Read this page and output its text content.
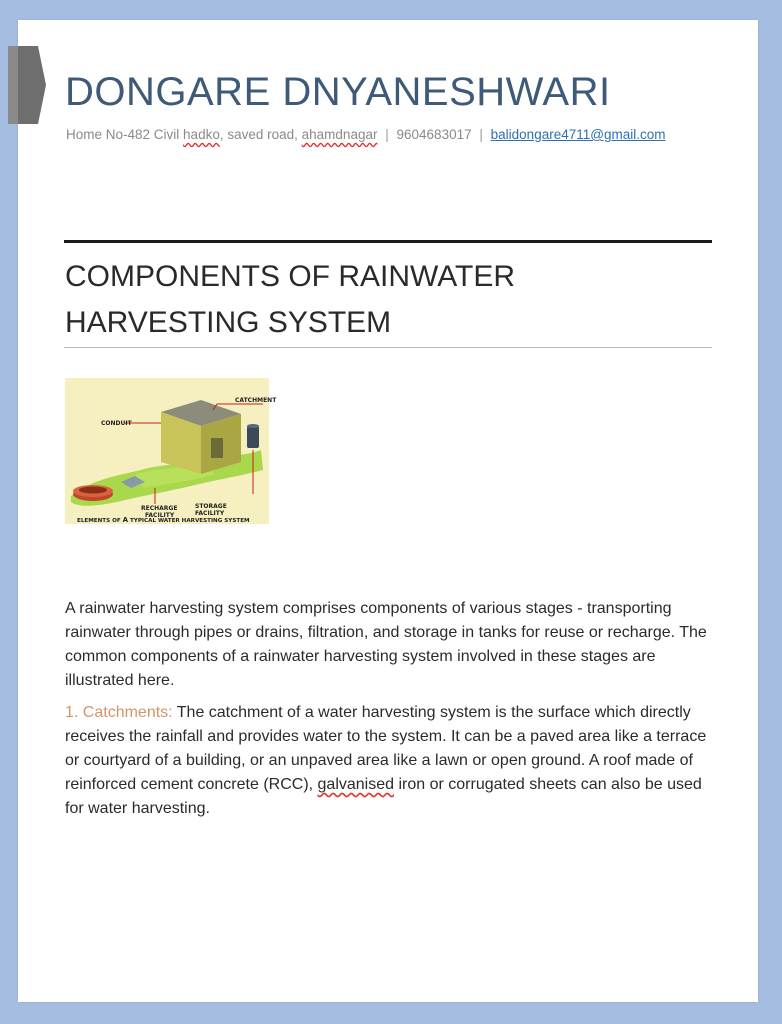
DONGARE DNYANESHWARI
Home No-482 Civil hadko, saved road, ahamdnagar | 9604683017 | balidongare4711@gmail.com
COMPONENTS OF RAINWATER HARVESTING SYSTEM
CATCHMENT
CONDUIT
RECHARGE
FACILITY
STORAGE
FACILITY
ELEMENTS OF A TYPICAL WATER HARVESTING SYSTEM

A rainwater harvesting system comprises components of various stages - transporting rainwater through pipes or drains, filtration, and storage in tanks for reuse or recharge. The common components of a rainwater harvesting system involved in these stages are illustrated here.

1. Catchments: The catchment of a water harvesting system is the surface which directly receives the rainfall and provides water to the system. It can be a paved area like a terrace or courtyard of a building, or an unpaved area like a lawn or open ground. A roof made of reinforced cement concrete (RCC), galvanised iron or corrugated sheets can also be used for water harvesting.
